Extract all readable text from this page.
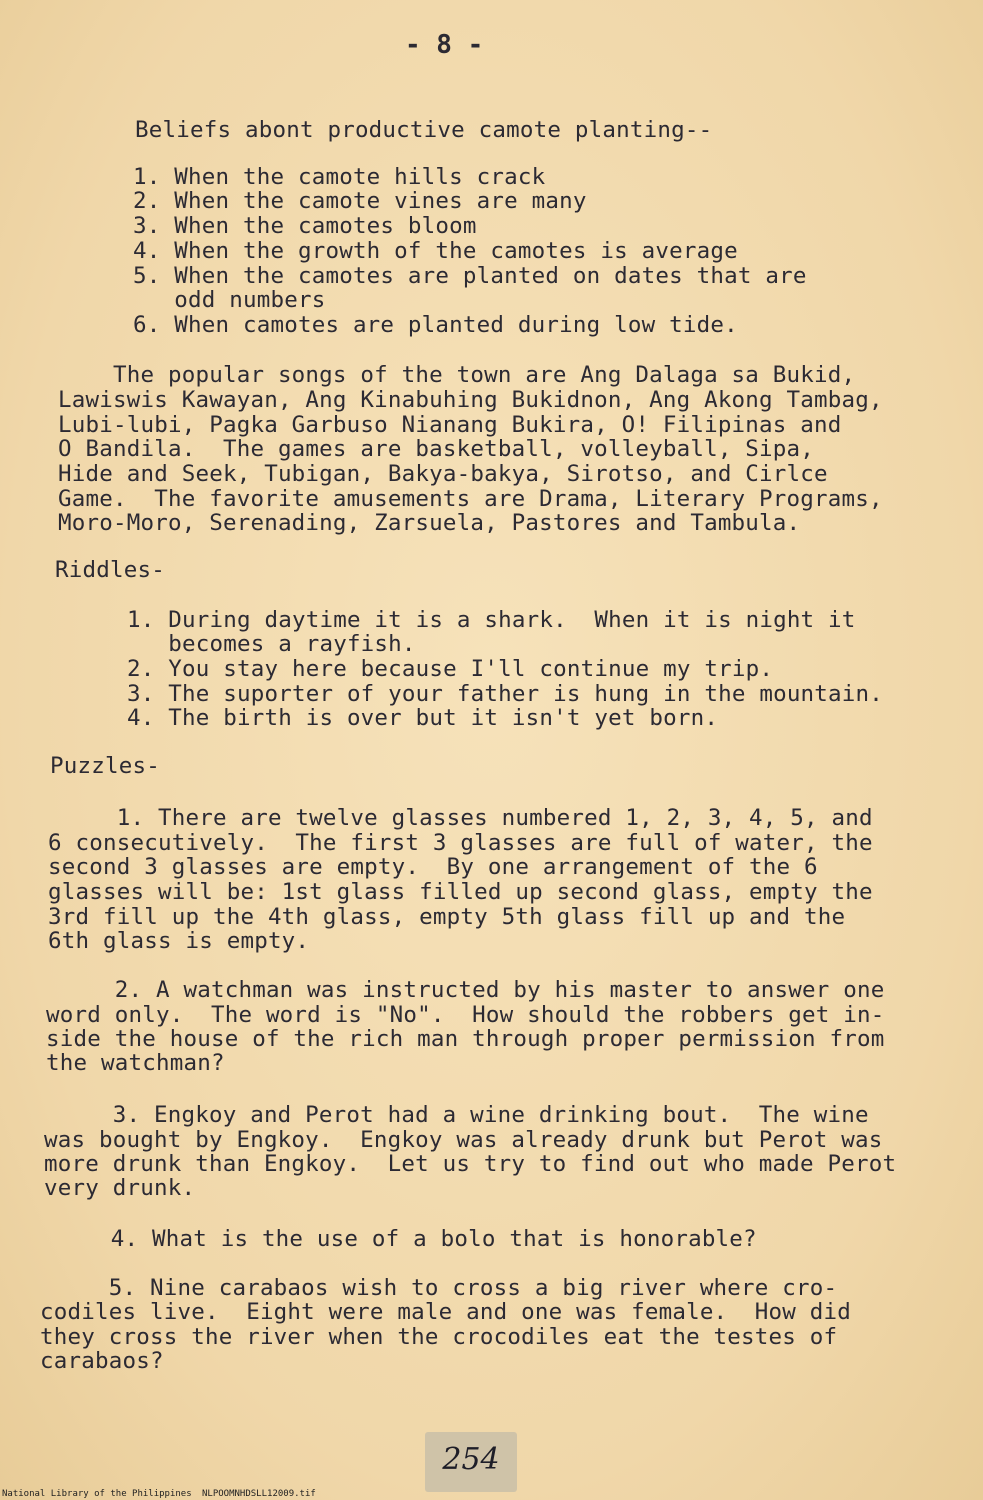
- 8 -
Beliefs abont productive camote planting--
1. When the camote hills crack
2. When the camote vines are many
3. When the camotes bloom
4. When the growth of the camotes is average
5. When the camotes are planted on dates that are
odd numbers
6. When camotes are planted during low tide.
The popular songs of the town are Ang Dalaga sa Bukid,
Lawiswis Kawayan, Ang Kinabuhing Bukidnon, Ang Akong Tambag,
Lubi-lubi, Pagka Garbuso Nianang Bukira, O! Filipinas and
O Bandila.  The games are basketball, volleyball, Sipa,
Hide and Seek, Tubigan, Bakya-bakya, Sirotso, and Cirlce
Game.  The favorite amusements are Drama, Literary Programs,
Moro-Moro, Serenading, Zarsuela, Pastores and Tambula.
Riddles-
1. During daytime it is a shark.  When it is night it
becomes a rayfish.
2. You stay here because I'll continue my trip.
3. The suporter of your father is hung in the mountain.
4. The birth is over but it isn't yet born.
Puzzles-
1. There are twelve glasses numbered 1, 2, 3, 4, 5, and
6 consecutively.  The first 3 glasses are full of water, the
second 3 glasses are empty.  By one arrangement of the 6
glasses will be: 1st glass filled up second glass, empty the
3rd fill up the 4th glass, empty 5th glass fill up and the
6th glass is empty.
2. A watchman was instructed by his master to answer one
word only.  The word is "No".  How should the robbers get in-
side the house of the rich man through proper permission from
the watchman?
3. Engkoy and Perot had a wine drinking bout.  The wine
was bought by Engkoy.  Engkoy was already drunk but Perot was
more drunk than Engkoy.  Let us try to find out who made Perot
very drunk.
4. What is the use of a bolo that is honorable?
5. Nine carabaos wish to cross a big river where cro-
codiles live.  Eight were male and one was female.  How did
they cross the river when the crocodiles eat the testes of
carabaos?
254
National Library of the Philippines NLPOOMNHDSLL12009.tif
